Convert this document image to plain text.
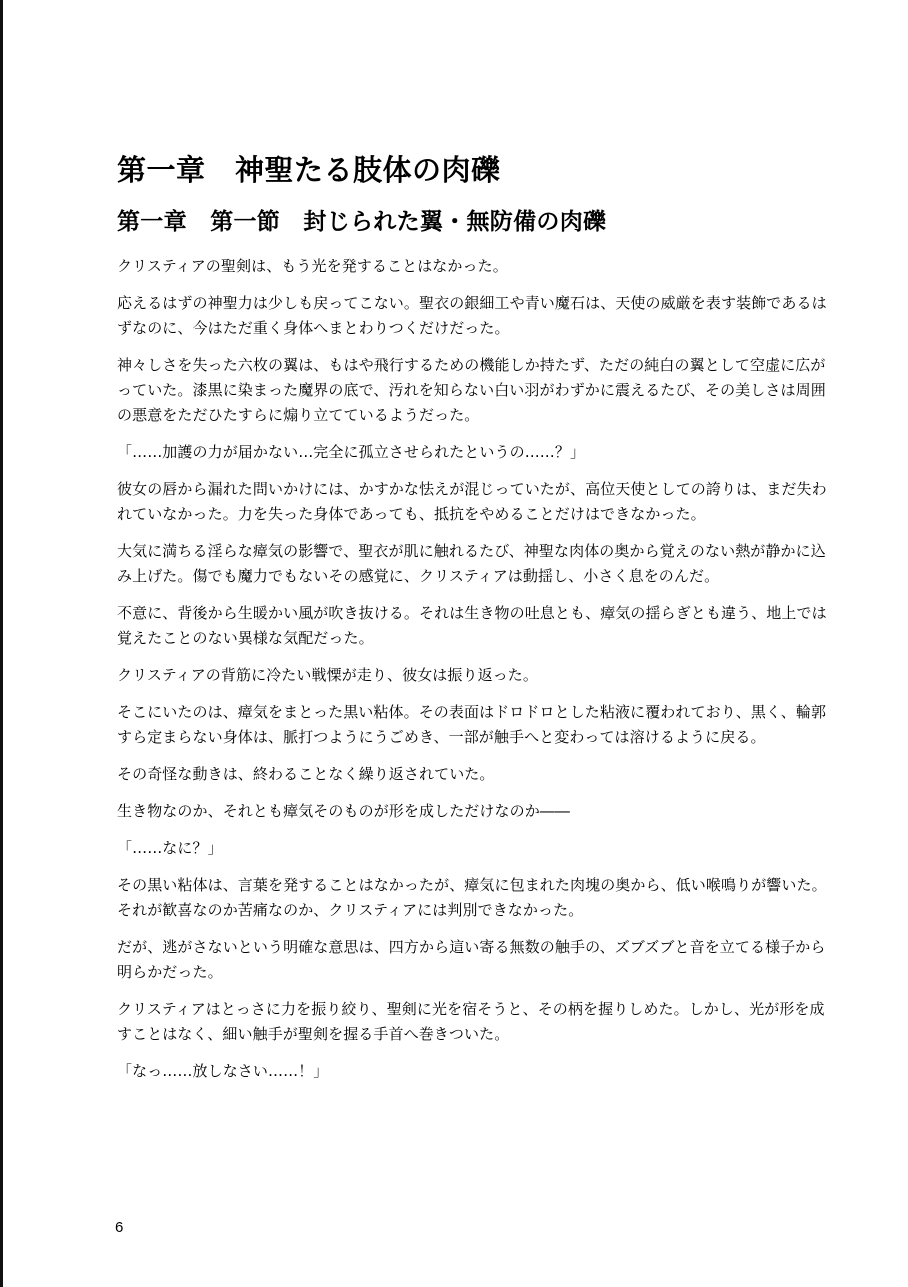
第一章　神聖たる肢体の肉礫
第一章　第一節　封じられた翼・無防備の肉礫

クリスティアの聖剣は、もう光を発することはなかった。

応えるはずの神聖力は少しも戻ってこない。聖衣の銀細工や青い魔石は、天使の威厳を表す装飾であるはずなのに、今はただ重く身体へまとわりつくだけだった。

神々しさを失った六枚の翼は、もはや飛行するための機能しか持たず、ただの純白の翼として空虚に広がっていた。漆黒に染まった魔界の底で、汚れを知らない白い羽がわずかに震えるたび、その美しさは周囲の悪意をただひたすらに煽り立てているようだった。

「……加護の力が届かない…完全に孤立させられたというの……？」

彼女の唇から漏れた問いかけには、かすかな怯えが混じっていたが、高位天使としての誇りは、まだ失われていなかった。力を失った身体であっても、抵抗をやめることだけはできなかった。

大気に満ちる淫らな瘴気の影響で、聖衣が肌に触れるたび、神聖な肉体の奥から覚えのない熱が静かに込み上げた。傷でも魔力でもないその感覚に、クリスティアは動揺し、小さく息をのんだ。

不意に、背後から生暖かい風が吹き抜ける。それは生き物の吐息とも、瘴気の揺らぎとも違う、地上では覚えたことのない異様な気配だった。

クリスティアの背筋に冷たい戦慄が走り、彼女は振り返った。

そこにいたのは、瘴気をまとった黒い粘体。その表面はドロドロとした粘液に覆われており、黒く、輪郭すら定まらない身体は、脈打つようにうごめき、一部が触手へと変わっては溶けるように戻る。

その奇怪な動きは、終わることなく繰り返されていた。

生き物なのか、それとも瘴気そのものが形を成しただけなのか――

「……なに？」

その黒い粘体は、言葉を発することはなかったが、瘴気に包まれた肉塊の奥から、低い喉鳴りが響いた。それが歓喜なのか苦痛なのか、クリスティアには判別できなかった。

だが、逃がさないという明確な意思は、四方から這い寄る無数の触手の、ズブズブと音を立てる様子から明らかだった。

クリスティアはとっさに力を振り絞り、聖剣に光を宿そうと、その柄を握りしめた。しかし、光が形を成すことはなく、細い触手が聖剣を握る手首へ巻きついた。

「なっ……放しなさい……！」

6
